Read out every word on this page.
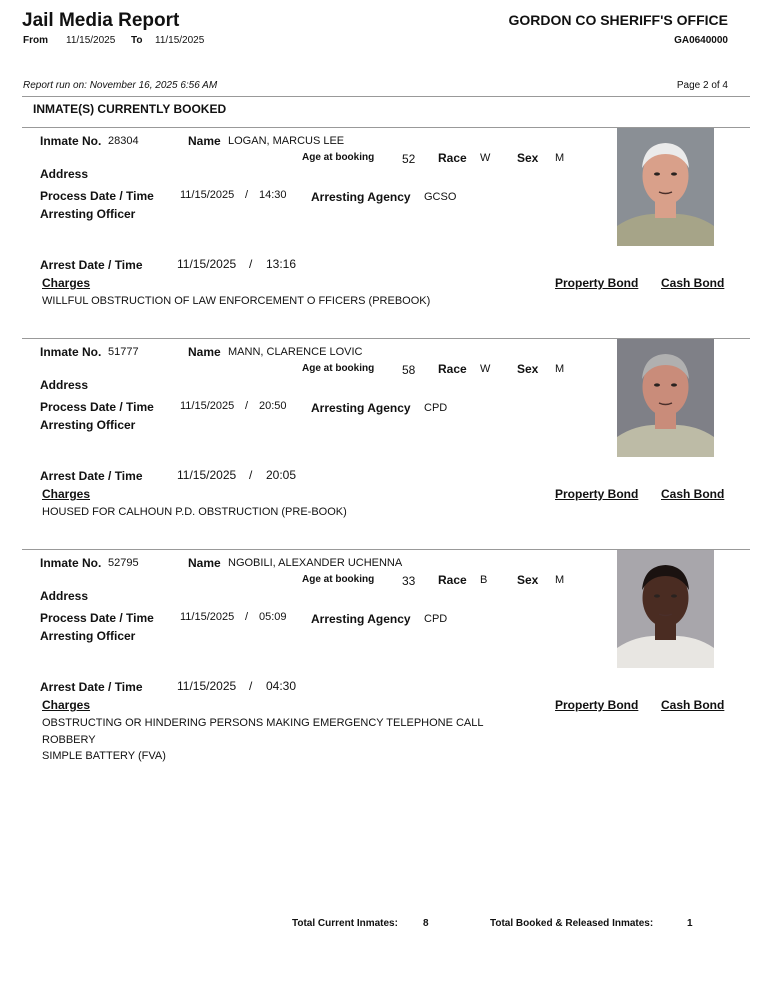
Jail Media Report
From 11/15/2025 To 11/15/2025
GORDON CO SHERIFF'S OFFICE
GA0640000
Report run on: November 16, 2025 6:56 AM	Page 2 of 4
INMATE(S) CURRENTLY BOOKED
Inmate No. 28304	Name LOGAN, MARCUS LEE
Age at booking 52 Race W Sex M
Address
Process Date / Time 11/15/2025 / 14:30 Arresting Agency GCSO
Arresting Officer
Arrest Date / Time	11/15/2025 / 13:16
Charges	Property Bond Cash Bond
WILLFUL OBSTRUCTION OF LAW ENFORCEMENT O FFICERS (PREBOOK)
Inmate No. 51777	Name MANN, CLARENCE LOVIC
Age at booking 58 Race W Sex M
Address
Process Date / Time 11/15/2025 / 20:50 Arresting Agency CPD
Arresting Officer
Arrest Date / Time	11/15/2025 / 20:05
Charges	Property Bond Cash Bond
HOUSED FOR CALHOUN P.D. OBSTRUCTION (PRE-BOOK)
Inmate No. 52795	Name NGOBILI, ALEXANDER UCHENNA
Age at booking 33 Race B Sex M
Address
Process Date / Time 11/15/2025 / 05:09 Arresting Agency CPD
Arresting Officer
Arrest Date / Time	11/15/2025 / 04:30
Charges	Property Bond Cash Bond
OBSTRUCTING OR HINDERING PERSONS MAKING EMERGENCY TELEPHONE CALL
ROBBERY
SIMPLE BATTERY (FVA)
Total Current Inmates:	8	Total Booked & Released Inmates:	1
